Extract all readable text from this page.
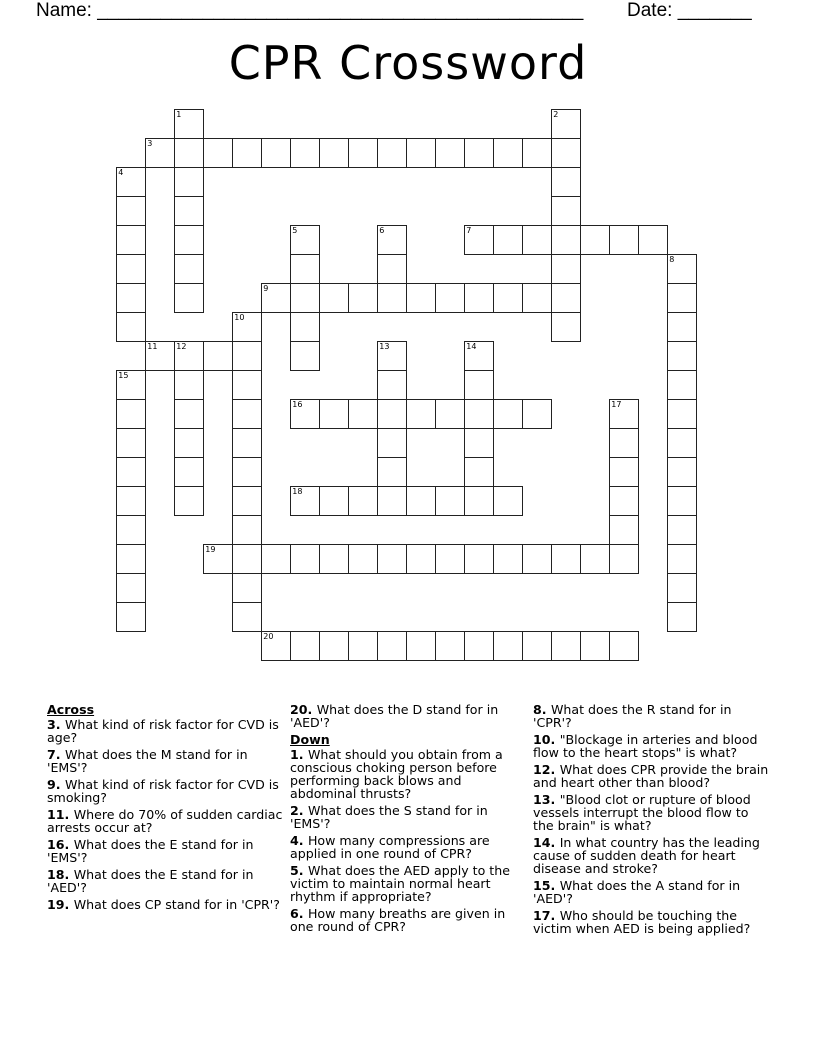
Name: ______________________________________________ Date: _______
CPR Crossword
1	2
3
4
5	6	7
8
9
10
11 12	13	14
15
16	17
18
19
20
Across
3. What kind of risk factor for CVD is age?
7. What does the M stand for in 'EMS'?
9. What kind of risk factor for CVD is smoking?
11. Where do 70% of sudden cardiac arrests occur at?
16. What does the E stand for in 'EMS'?
18. What does the E stand for in 'AED'?
19. What does CP stand for in 'CPR'?
20. What does the D stand for in 'AED'?
Down
1. What should you obtain from a conscious choking person before performing back blows and abdominal thrusts?
2. What does the S stand for in 'EMS'?
4. How many compressions are applied in one round of CPR?
5. What does the AED apply to the victim to maintain normal heart rhythm if appropriate?
6. How many breaths are given in one round of CPR?
8. What does the R stand for in 'CPR'?
10. "Blockage in arteries and blood flow to the heart stops" is what?
12. What does CPR provide the brain and heart other than blood?
13. "Blood clot or rupture of blood vessels interrupt the blood flow to the brain" is what?
14. In what country has the leading cause of sudden death for heart disease and stroke?
15. What does the A stand for in 'AED'?
17. Who should be touching the victim when AED is being applied?
